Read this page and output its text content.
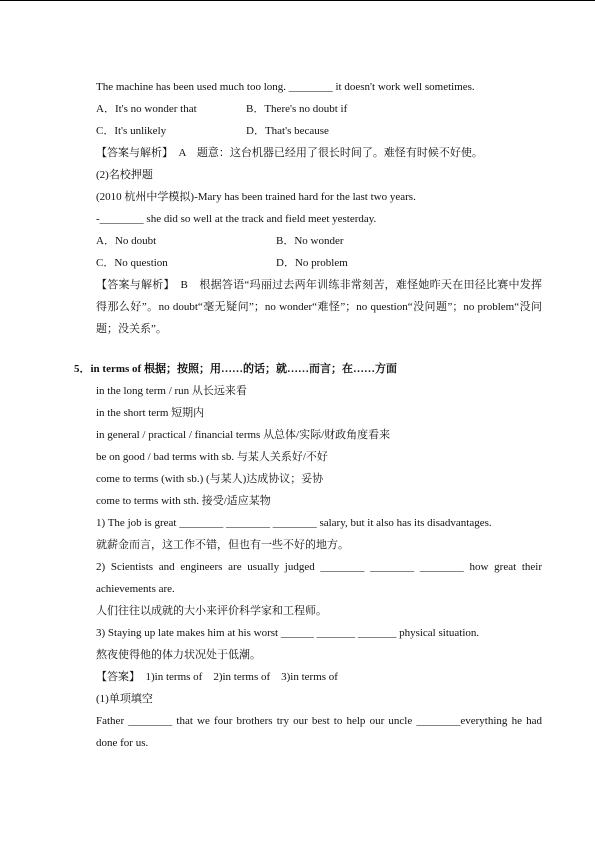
The machine has been used much too long. ________ it doesn't work well sometimes.

A．It's no wonder that	B．There's no doubt if

C．It's unlikely	D．That's because

【答案与解析】　A　题意：这台机器已经用了很长时间了。难怪有时候不好使。

(2)名校押题

(2010 杭州中学模拟)-Mary has been trained hard for the last two years.

-________ she did so well at the track and field meet yesterday.

A．No doubt	B．No wonder

C．No question	D．No problem

【答案与解析】　B　根据答语“玛丽过去两年训练非常刻苦，难怪她昨天在田径比赛中发挥得那么好”。no doubt“毫无疑问”；no wonder“难怪”；no question“没问题”；no problem“没问题；没关系”。

5．in terms of 根据；按照；用……的话；就……而言；在……方面

in the long term / run 从长远来看

in the short term 短期内

in general / practical / financial terms 从总体/实际/财政角度看来

be on good / bad terms with sb. 与某人关系好/不好

come to terms (with sb.) (与某人)达成协议；妥协

come to terms with sth. 接受/适应某物

1) The job is great ________ ________ ________ salary, but it also has its disadvantages.

就薪金而言，这工作不错，但也有一些不好的地方。

2) Scientists and engineers are usually judged ________ ________ ________ how great their achievements are.

人们往往以成就的大小来评价科学家和工程师。

3) Staying up late makes him at his worst ______ _______ _______ physical situation.

熬夜使得他的体力状况处于低潮。

【答案】　1)in terms of　2)in terms of　3)in terms of

(1)单项填空

Father ________ that we four brothers try our best to help our uncle ________everything he had done for us.
